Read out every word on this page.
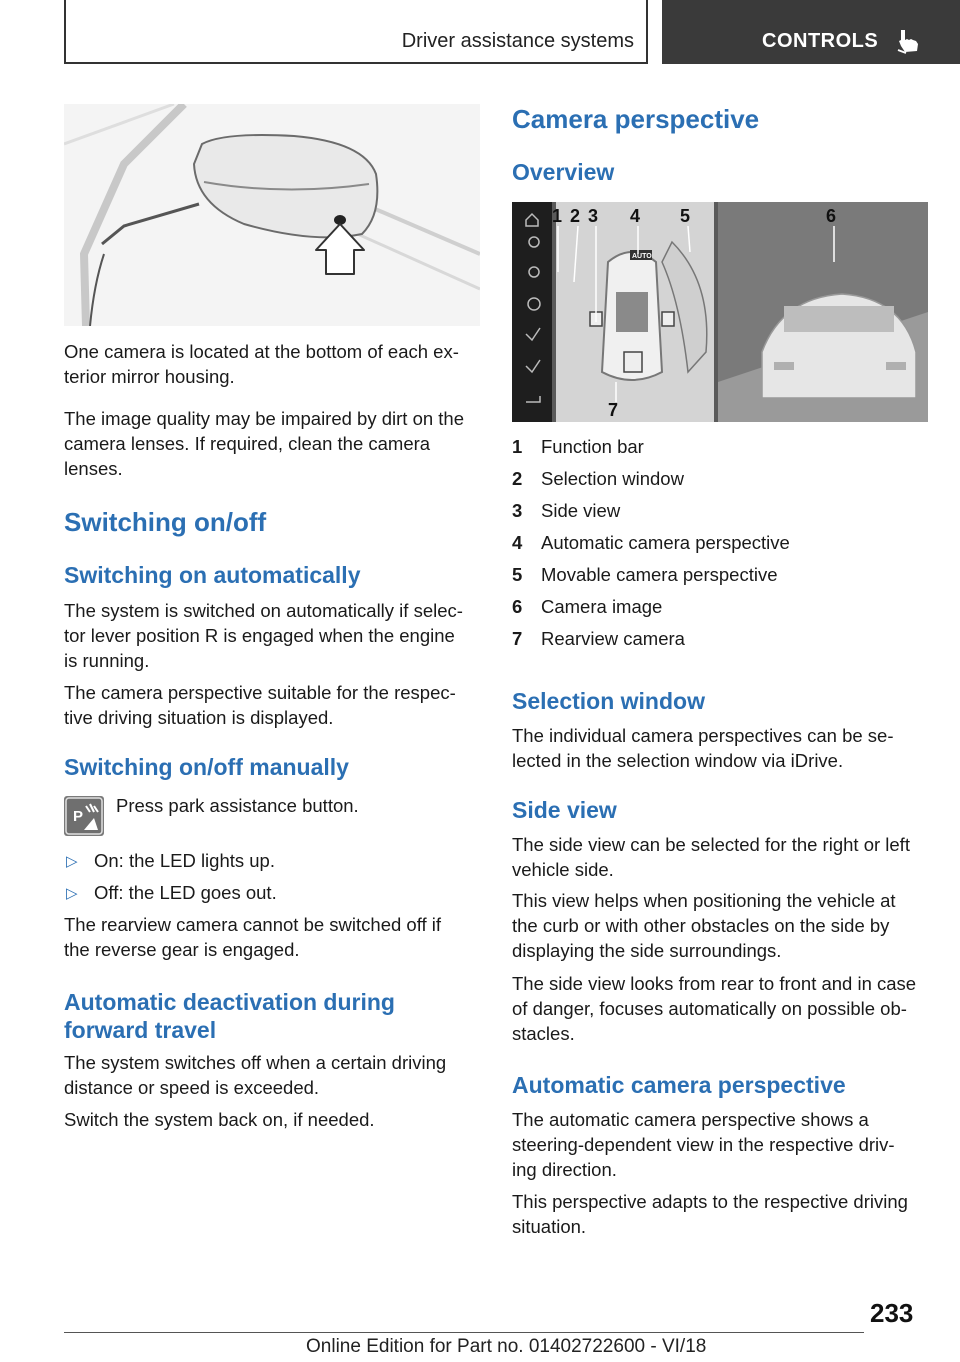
Driver assistance systems	CONTROLS
One camera is located at the bottom of each ex-
terior mirror housing.
The image quality may be impaired by dirt on the
camera lenses. If required, clean the camera
lenses.
Switching on/off
Switching on automatically
The system is switched on automatically if selec-
tor lever position R is engaged when the engine
is running.
The camera perspective suitable for the respec-
tive driving situation is displayed.
Switching on/off manually
P
Press park assistance button.
▷ On: the LED lights up.
▷ Off: the LED goes out.
The rearview camera cannot be switched off if
the reverse gear is engaged.
Automatic deactivation during
forward travel
The system switches off when a certain driving
distance or speed is exceeded.
Switch the system back on, if needed.
Camera perspective
Overview
AUTO
1 2 3 4 5	6
7
1 Function bar
2 Selection window
3 Side view
4 Automatic camera perspective
5 Movable camera perspective
6 Camera image
7 Rearview camera
Selection window
The individual camera perspectives can be se-
lected in the selection window via iDrive.
Side view
The side view can be selected for the right or left
vehicle side.
This view helps when positioning the vehicle at
the curb or with other obstacles on the side by
displaying the side surroundings.
The side view looks from rear to front and in case
of danger, focuses automatically on possible ob-
stacles.
Automatic camera perspective
The automatic camera perspective shows a
steering-dependent view in the respective driv-
ing direction.
This perspective adapts to the respective driving
situation.
233
Online Edition for Part no. 01402722600 - VI/18
